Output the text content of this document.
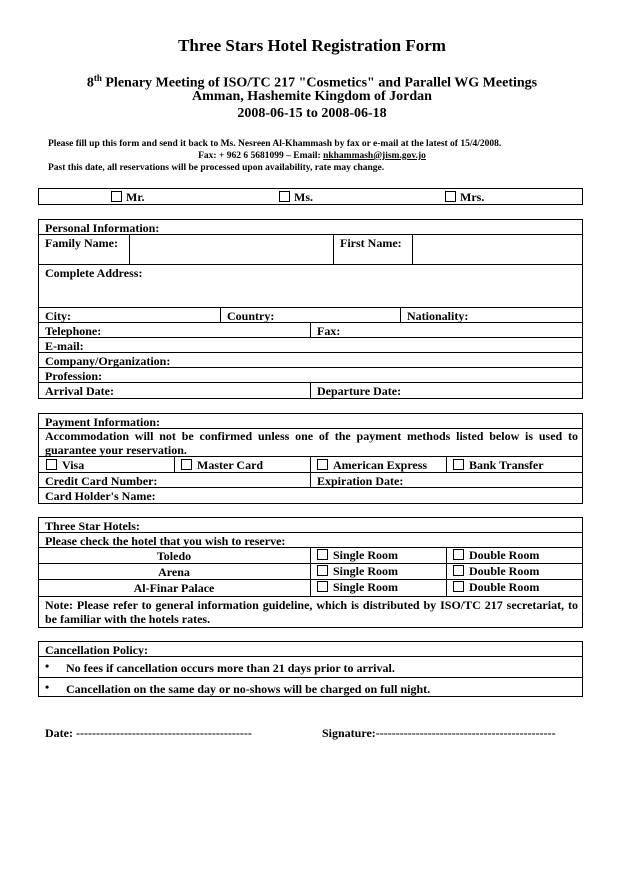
Three Stars Hotel Registration Form
8th Plenary Meeting of ISO/TC 217 "Cosmetics" and Parallel WG Meetings
Amman, Hashemite Kingdom of Jordan
2008-06-15 to 2008-06-18
Please fill up this form and send it back to Ms. Nesreen Al-Khammash by fax or e-mail at the latest of 15/4/2008.
Fax: + 962 6 5681099 – Email: nkhammash@jism.gov.jo
Past this date, all reservations will be processed upon availability, rate may change.
Mr.	Ms.	Mrs.
Personal Information:
Family Name:	First Name:
Complete Address:
City:	Country:	Nationality:
Telephone:	Fax:
E-mail:
Company/Organization:
Profession:
Arrival Date:	Departure Date:
Payment Information:
Accommodation will not be confirmed unless one of the payment methods listed below is used to guarantee your reservation.
Visa	Master Card	American Express	Bank Transfer
Credit Card Number:	Expiration Date:
Card Holder's Name:
Three Star Hotels:
Please check the hotel that you wish to reserve:
Toledo	Single Room	Double Room
Arena	Single Room	Double Room
Al-Finar Palace	Single Room	Double Room
Note: Please refer to general information guideline, which is distributed by ISO/TC 217 secretariat, to be familiar with the hotels rates.
Cancellation Policy:
• No fees if cancellation occurs more than 21 days prior to arrival.
• Cancellation on the same day or no-shows will be charged on full night.
Date: --------------------------------------------	Signature:---------------------------------------------
